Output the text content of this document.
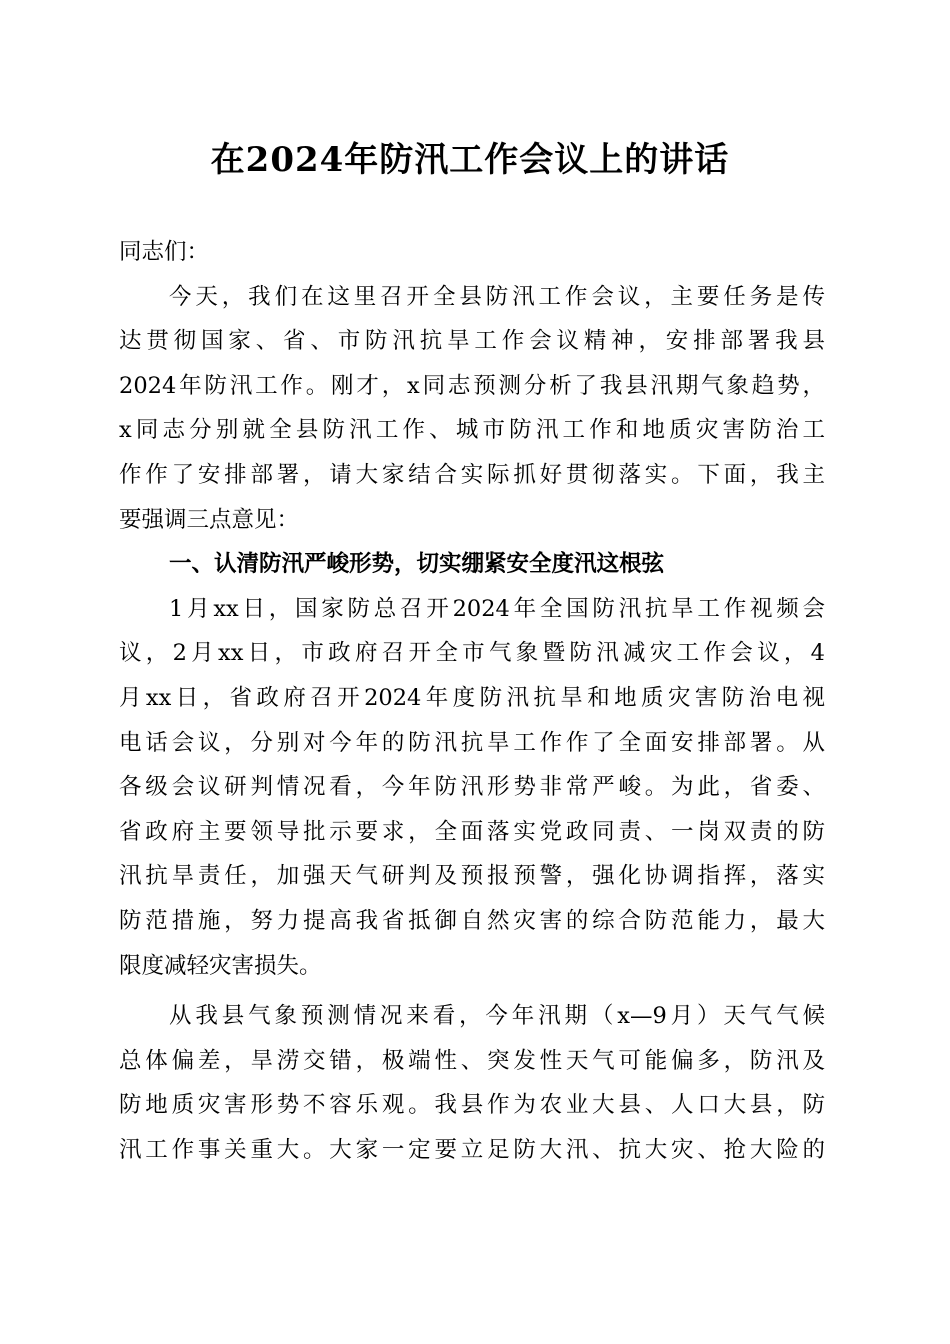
在2024年防汛工作会议上的讲话
同志们：
今天，我们在这里召开全县防汛工作会议，主要任务是传
达贯彻国家、省、市防汛抗旱工作会议精神，安排部署我县
2024年防汛工作。刚才，x同志预测分析了我县汛期气象趋势，
x同志分别就全县防汛工作、城市防汛工作和地质灾害防治工
作作了安排部署，请大家结合实际抓好贯彻落实。下面，我主
要强调三点意见：
一、认清防汛严峻形势，切实绷紧安全度汛这根弦
1月xx日，国家防总召开2024年全国防汛抗旱工作视频会
议，2月xx日，市政府召开全市气象暨防汛减灾工作会议，4
月xx日，省政府召开2024年度防汛抗旱和地质灾害防治电视
电话会议，分别对今年的防汛抗旱工作作了全面安排部署。从
各级会议研判情况看，今年防汛形势非常严峻。为此，省委、
省政府主要领导批示要求，全面落实党政同责、一岗双责的防
汛抗旱责任，加强天气研判及预报预警，强化协调指挥，落实
防范措施，努力提高我省抵御自然灾害的综合防范能力，最大
限度减轻灾害损失。
从我县气象预测情况来看，今年汛期（x—9月）天气气候
总体偏差，旱涝交错，极端性、突发性天气可能偏多，防汛及
防地质灾害形势不容乐观。我县作为农业大县、人口大县，防
汛工作事关重大。大家一定要立足防大汛、抗大灾、抢大险的
